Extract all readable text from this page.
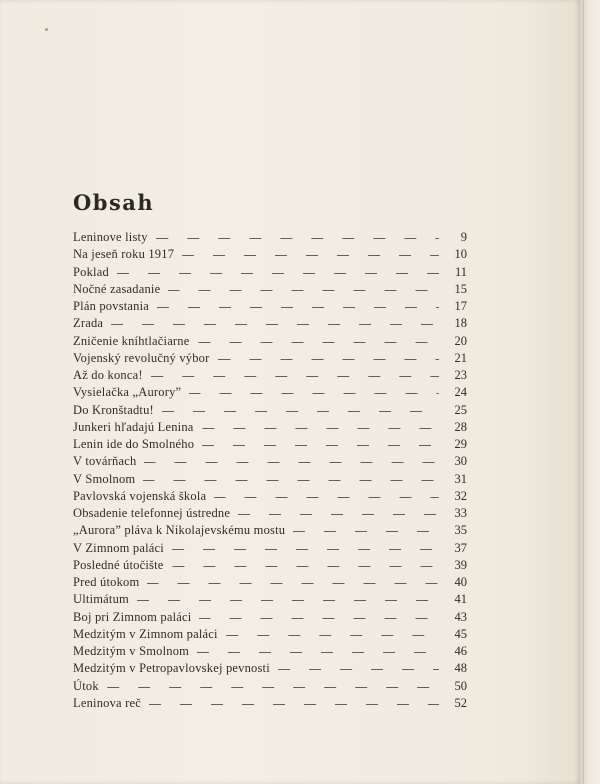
Obsah
Leninove listy	9
Na jeseň roku 1917	10
Poklad	11
Nočné zasadanie	15
Plán povstania	17
Zrada	18
Zničenie kníhtlačiarne	20
Vojenský revolučný výbor	21
Až do konca!	23
Vysielačka „Aurory”	24
Do Kronštadtu!	25
Junkeri hľadajú Lenina	28
Lenin ide do Smolného	29
V továrňach	30
V Smolnom	31
Pavlovská vojenská škola	32
Obsadenie telefonnej ústredne	33
„Aurora” pláva k Nikolajevskému mostu	35
V Zimnom paláci	37
Posledné útočište	39
Pred útokom	40
Ultimátum	41
Boj pri Zimnom paláci	43
Medzitým v Zimnom paláci	45
Medzitým v Smolnom	46
Medzitým v Petropavlovskej pevnosti	48
Útok	50
Leninova reč	52
